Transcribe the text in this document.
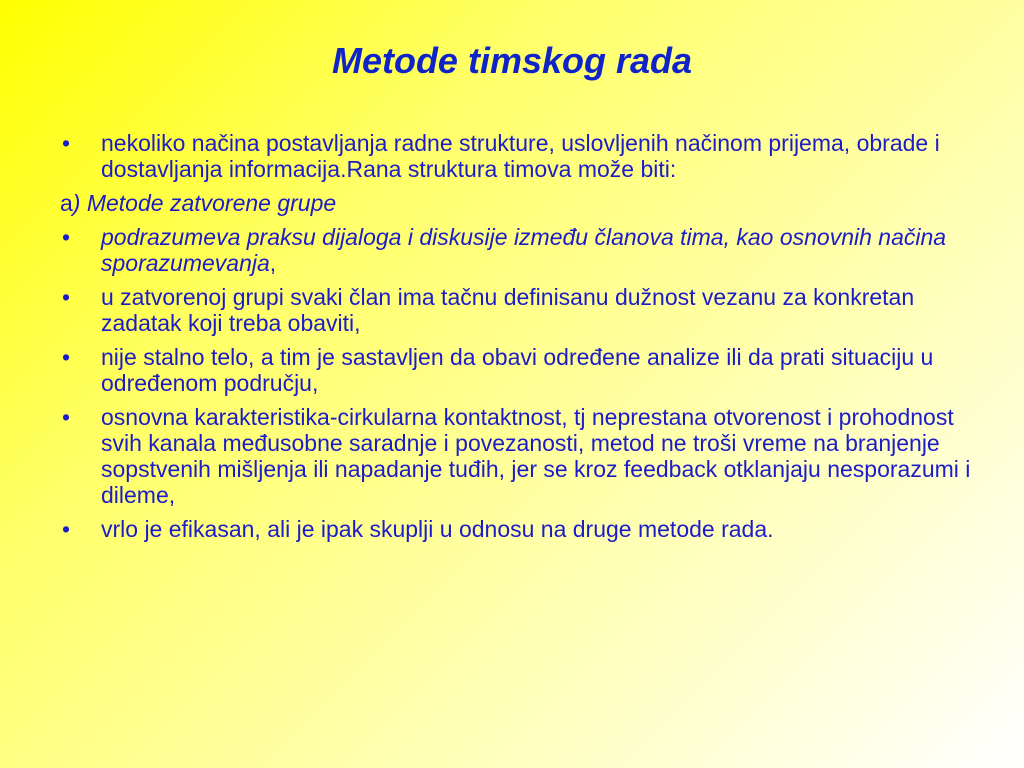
Metode timskog rada
• nekoliko načina postavljanja radne strukture, uslovljenih načinom prijema, obrade i dostavljanja informacija.Rana struktura timova može biti:
a) Metode zatvorene grupe
• podrazumeva praksu dijaloga i diskusije između članova tima, kao osnovnih načina sporazumevanja,
• u zatvorenoj grupi svaki član ima tačnu definisanu dužnost vezanu za konkretan zadatak koji treba obaviti,
• nije stalno telo, a tim je sastavljen da obavi određene analize ili da prati situaciju u određenom području,
• osnovna karakteristika-cirkularna kontaktnost, tj neprestana otvorenost i prohodnost svih kanala međusobne saradnje i povezanosti, metod ne troši vreme na branjenje sopstvenih mišljenja ili napadanje tuđih, jer se kroz feedback otklanjaju nesporazumi i dileme,
• vrlo je efikasan, ali je ipak skuplji u odnosu na druge metode rada.
